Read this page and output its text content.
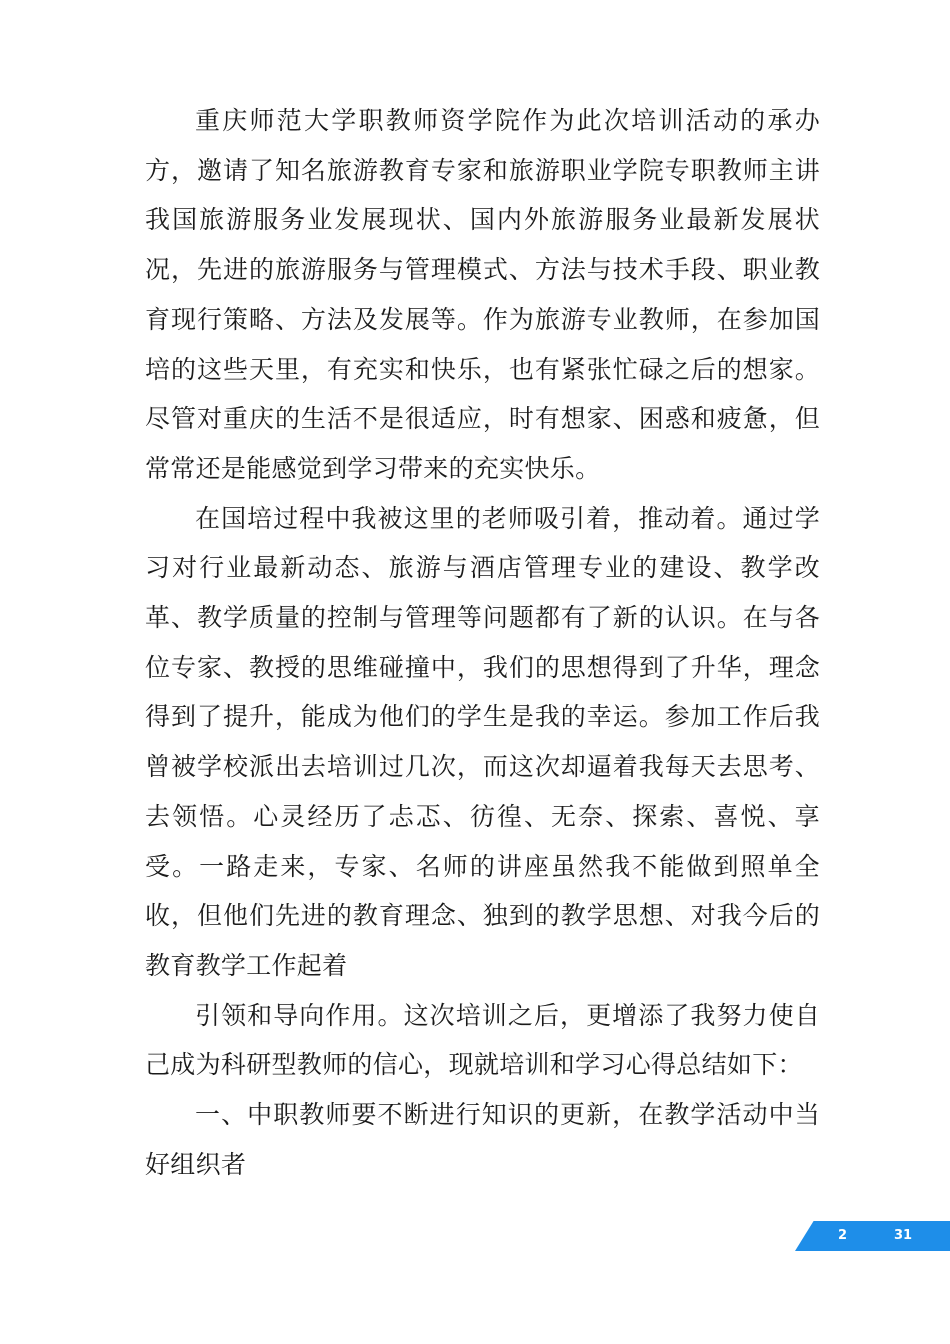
重庆师范大学职教师资学院作为此次培训活动的承办方，邀请了知名旅游教育专家和旅游职业学院专职教师主讲我国旅游服务业发展现状、国内外旅游服务业最新发展状况，先进的旅游服务与管理模式、方法与技术手段、职业教育现行策略、方法及发展等。作为旅游专业教师，在参加国培的这些天里，有充实和快乐，也有紧张忙碌之后的想家。尽管对重庆的生活不是很适应，时有想家、困惑和疲惫，但常常还是能感觉到学习带来的充实快乐。

在国培过程中我被这里的老师吸引着，推动着。通过学习对行业最新动态、旅游与酒店管理专业的建设、教学改革、教学质量的控制与管理等问题都有了新的认识。在与各位专家、教授的思维碰撞中，我们的思想得到了升华，理念得到了提升，能成为他们的学生是我的幸运。参加工作后我曾被学校派出去培训过几次，而这次却逼着我每天去思考、去领悟。心灵经历了忐忑、彷徨、无奈、探索、喜悦、享受。一路走来，专家、名师的讲座虽然我不能做到照单全收，但他们先进的教育理念、独到的教学思想、对我今后的教育教学工作起着

引领和导向作用。这次培训之后，更增添了我努力使自己成为科研型教师的信心，现就培训和学习心得总结如下：

一、中职教师要不断进行知识的更新，在教学活动中当好组织者

2	31
